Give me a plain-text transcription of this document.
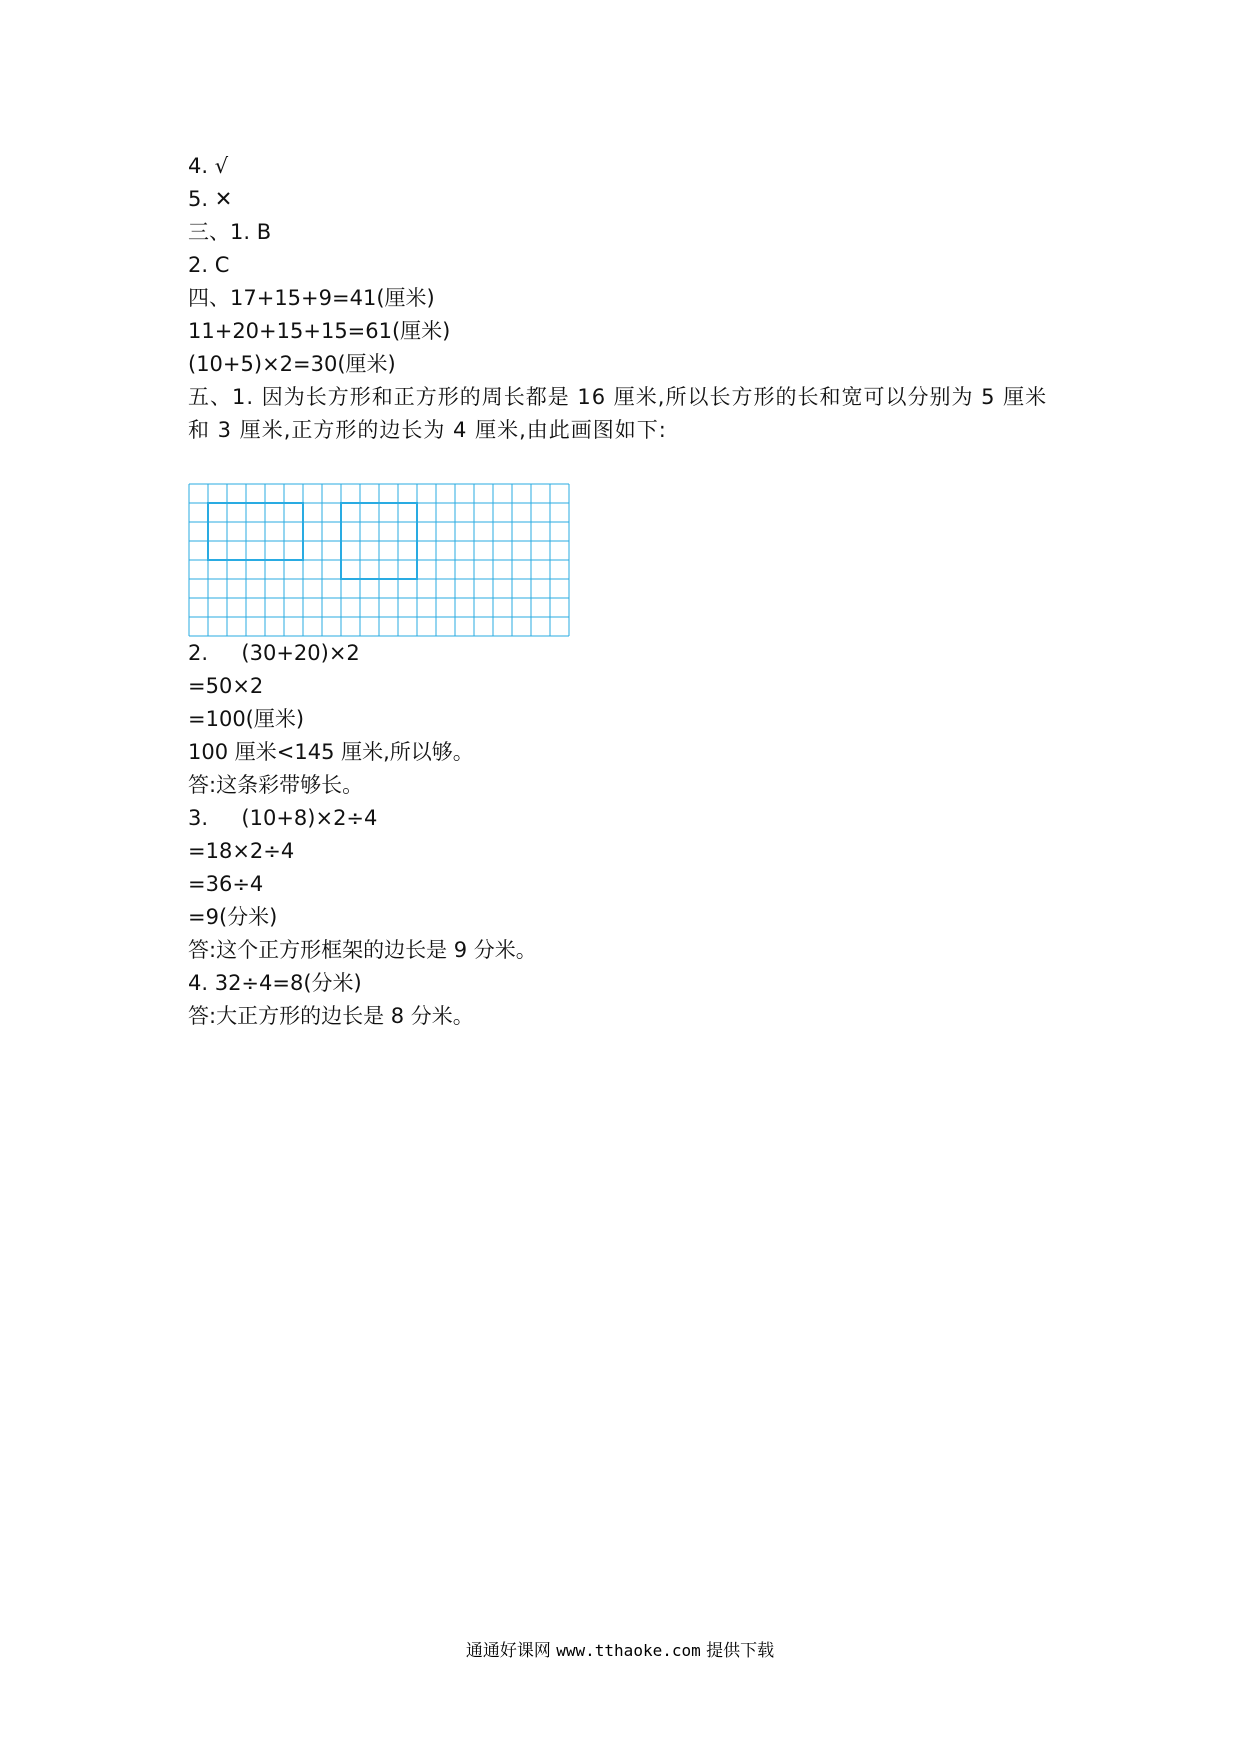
4. √
5. ✕
三、1. B
2. C
四、17+15+9=41(厘米)
11+20+15+15=61(厘米)
(10+5)×2=30(厘米)
五、1. 因为长方形和正方形的周长都是 16 厘米,所以长方形的长和宽可以分别为 5 厘米和 3 厘米,正方形的边长为 4 厘米,由此画图如下:
2.     (30+20)×2
=50×2
=100(厘米)
100 厘米<145 厘米,所以够。
答:这条彩带够长。
3.     (10+8)×2÷4
=18×2÷4
=36÷4
=9(分米)
答:这个正方形框架的边长是 9 分米。
4. 32÷4=8(分米)
答:大正方形的边长是 8 分米。
通通好课网 www.tthaoke.com 提供下载
